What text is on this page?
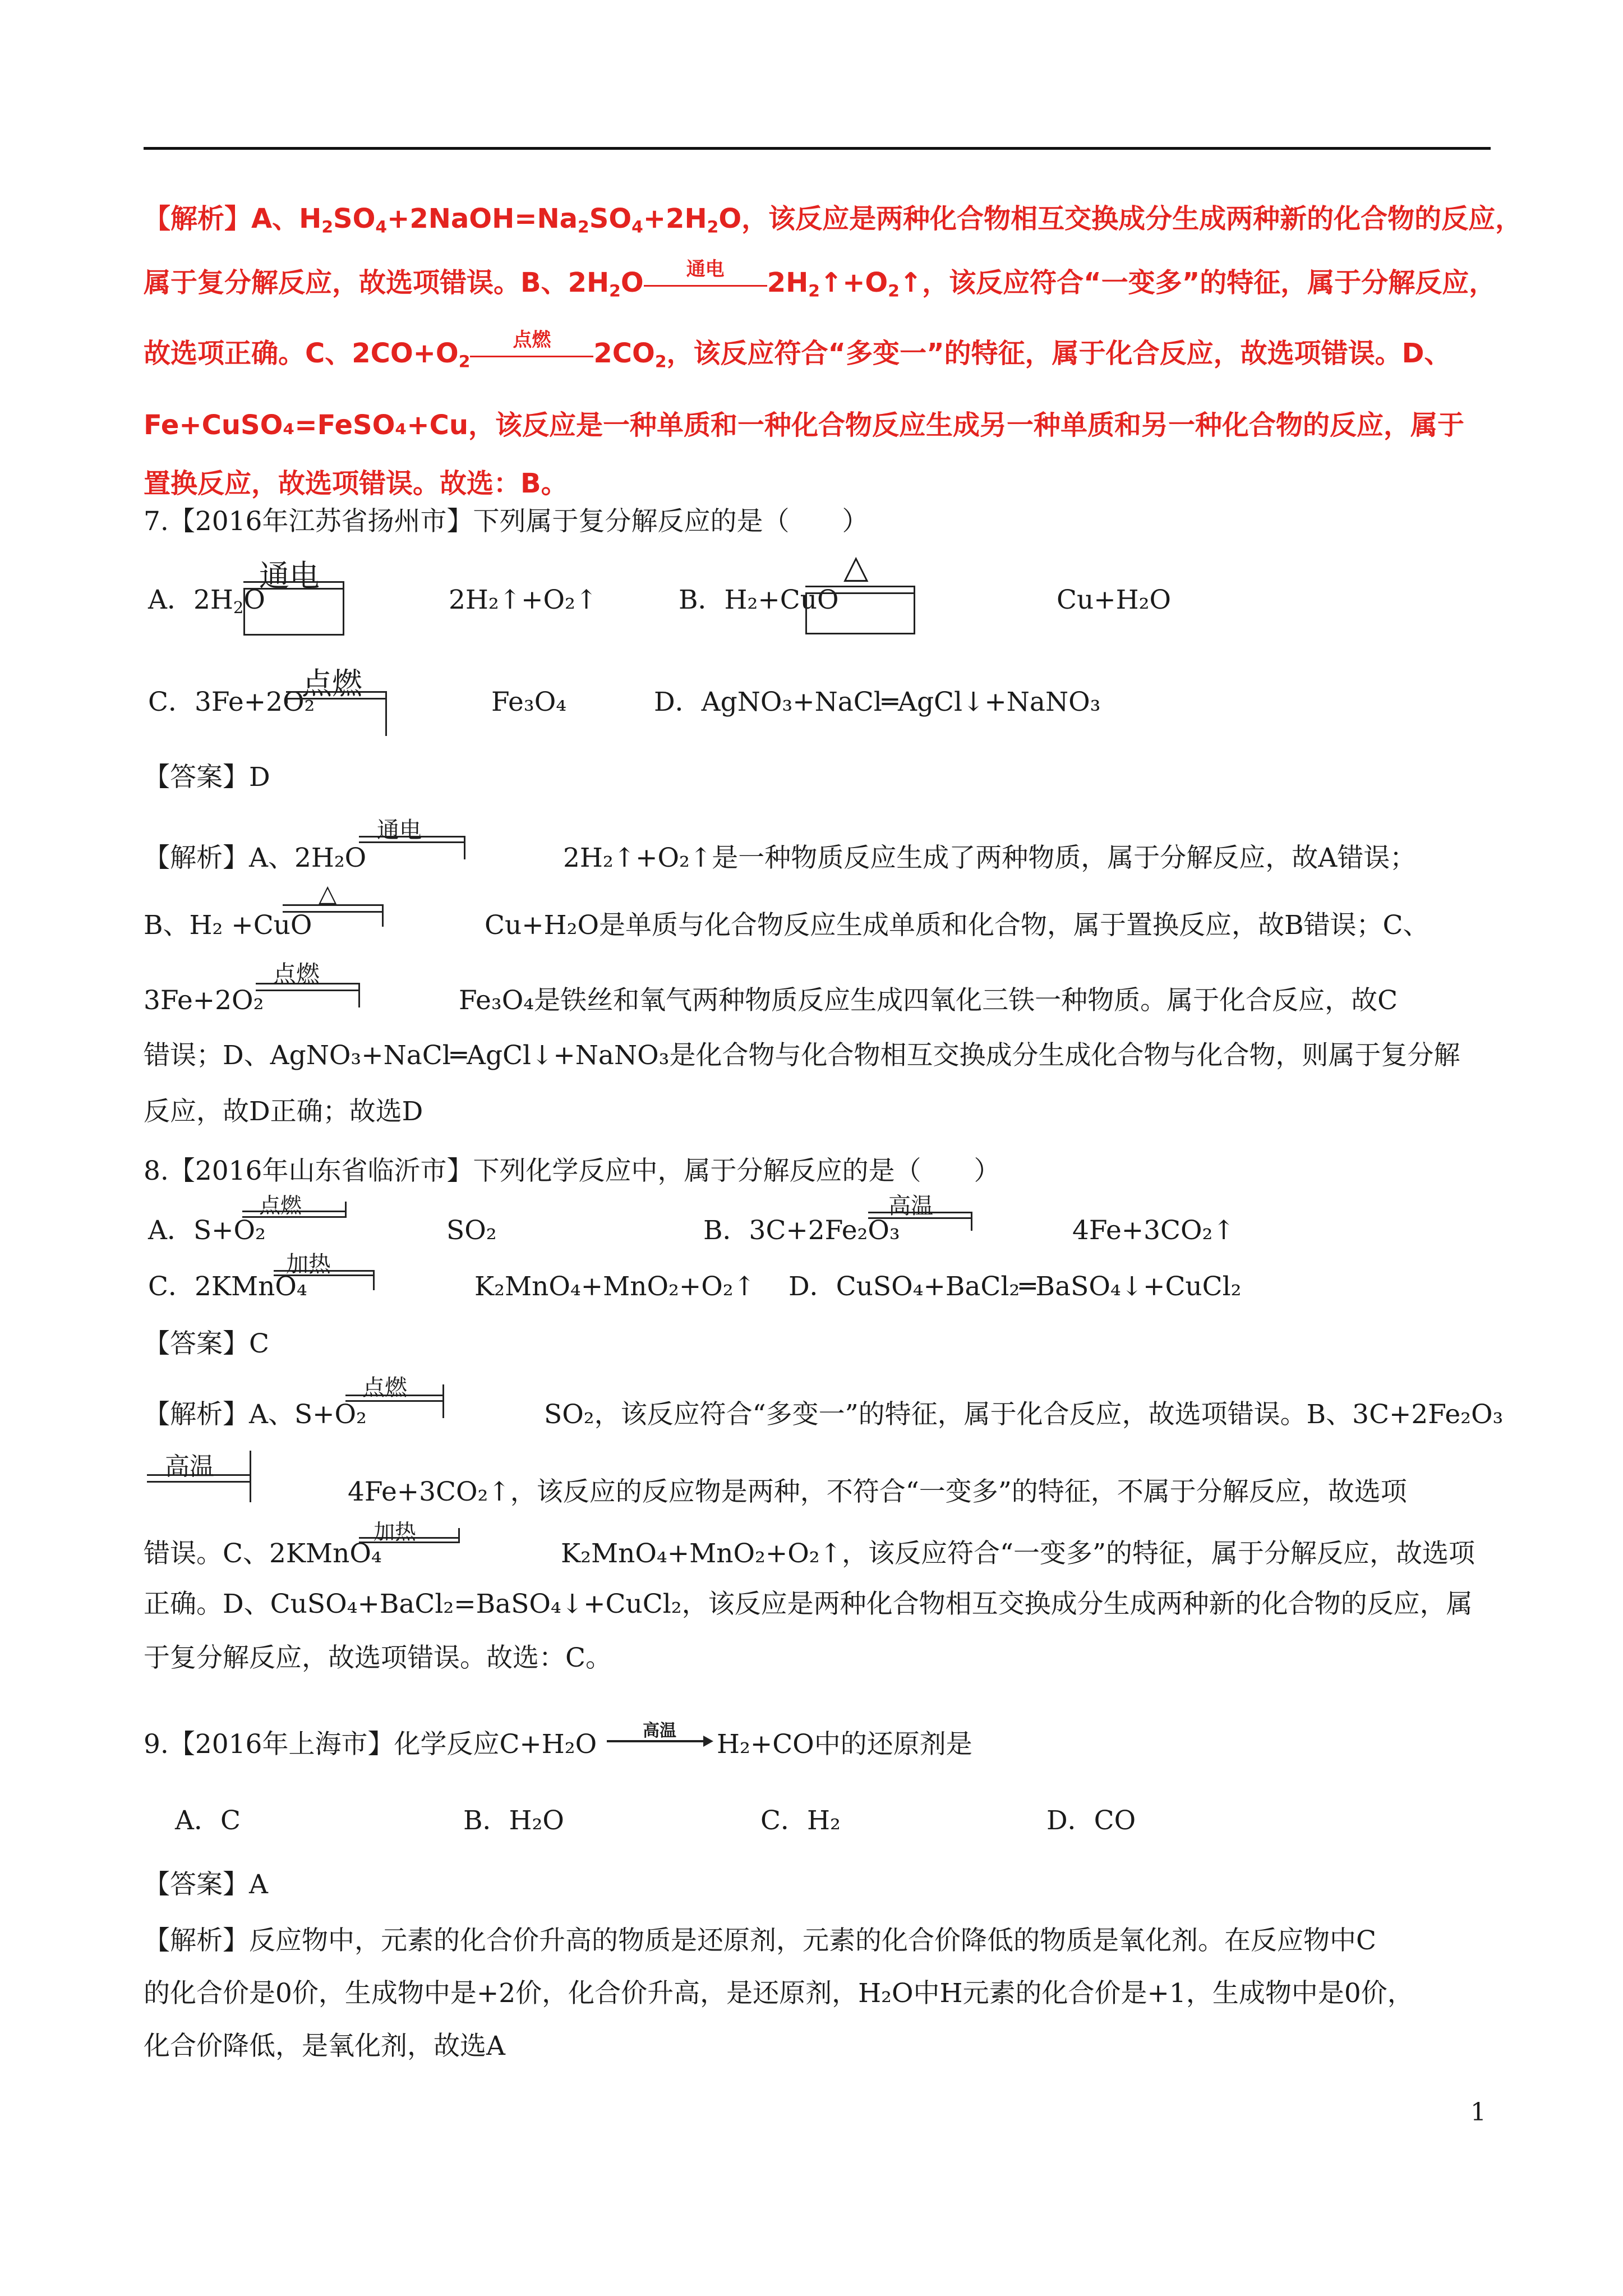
【解析】A、$H_2SO_4+2NaOH=Na_2SO_4+2H_2O$，该反应是两种化合物相互交换成分生成两种新的化合物的反应，
属于复分解反应，故选项错误。B、$2H_2O$ 通电 $2H_2↑+O_2↑$，该反应符合“一变多”的特征，属于分解反应，
故选项正确。C、$2CO+O_2$
点燃 $2CO_2$，该反应符合“多变一”的特征，属于化合反应，故选项错误。D、
Fe+CuSO₄=FeSO₄+Cu，该反应是一种单质和一种化合物反应生成另一种单质和另一种化合物的反应，属于
置换反应，故选项错误。故选：B。
7.【2016年江苏省扬州市】下列属于复分解反应的是（　　）
A．$2H_2O$
通电
2H₂↑+O₂↑	B．H₂+CuO
△
Cu+H₂O
C．3Fe+2O₂
点燃
Fe₃O₄	D．AgNO₃+NaCl═AgCl↓+NaNO₃
【答案】D
【解析】A、2H₂O
通电
2H₂↑+O₂↑是一种物质反应生成了两种物质，属于分解反应，故A错误；
B、H₂ +CuO
△
Cu+H₂O是单质与化合物反应生成单质和化合物，属于置换反应，故B错误；C、
3Fe+2O₂
点燃
Fe₃O₄是铁丝和氧气两种物质反应生成四氧化三铁一种物质。属于化合反应，故C
错误；D、AgNO₃+NaCl═AgCl↓+NaNO₃是化合物与化合物相互交换成分生成化合物与化合物，则属于复分解
反应，故D正确；故选D
8.【2016年山东省临沂市】下列化学反应中，属于分解反应的是（　　）
A．S+O₂
点燃
SO₂	B．3C+2Fe₂O₃
高温
4Fe+3CO₂↑
C．2KMnO₄
加热
K₂MnO₄+MnO₂+O₂↑ D．CuSO₄+BaCl₂═BaSO₄↓+CuCl₂
【答案】C
【解析】A、S+O₂
点燃
SO₂，该反应符合“多变一”的特征，属于化合反应，故选项错误。B、3C+2Fe₂O₃
高温
4Fe+3CO₂↑，该反应的反应物是两种，不符合“一变多”的特征，不属于分解反应，故选项
错误。C、2KMnO₄
加热
K₂MnO₄+MnO₂+O₂↑，该反应符合“一变多”的特征，属于分解反应，故选项
正确。D、CuSO₄+BaCl₂=BaSO₄↓+CuCl₂，该反应是两种化合物相互交换成分生成两种新的化合物的反应，属
于复分解反应，故选项错误。故选：C。
9.【2016年上海市】化学反应C+H₂O	高温 H₂+CO中的还原剂是
A．C	B．H₂O	C．H₂	D．CO
【答案】A
【解析】反应物中，元素的化合价升高的物质是还原剂，元素的化合价降低的物质是氧化剂。在反应物中C
的化合价是0价，生成物中是+2价，化合价升高，是还原剂，H₂O中H元素的化合价是+1，生成物中是0价，
化合价降低，是氧化剂，故选A
1
